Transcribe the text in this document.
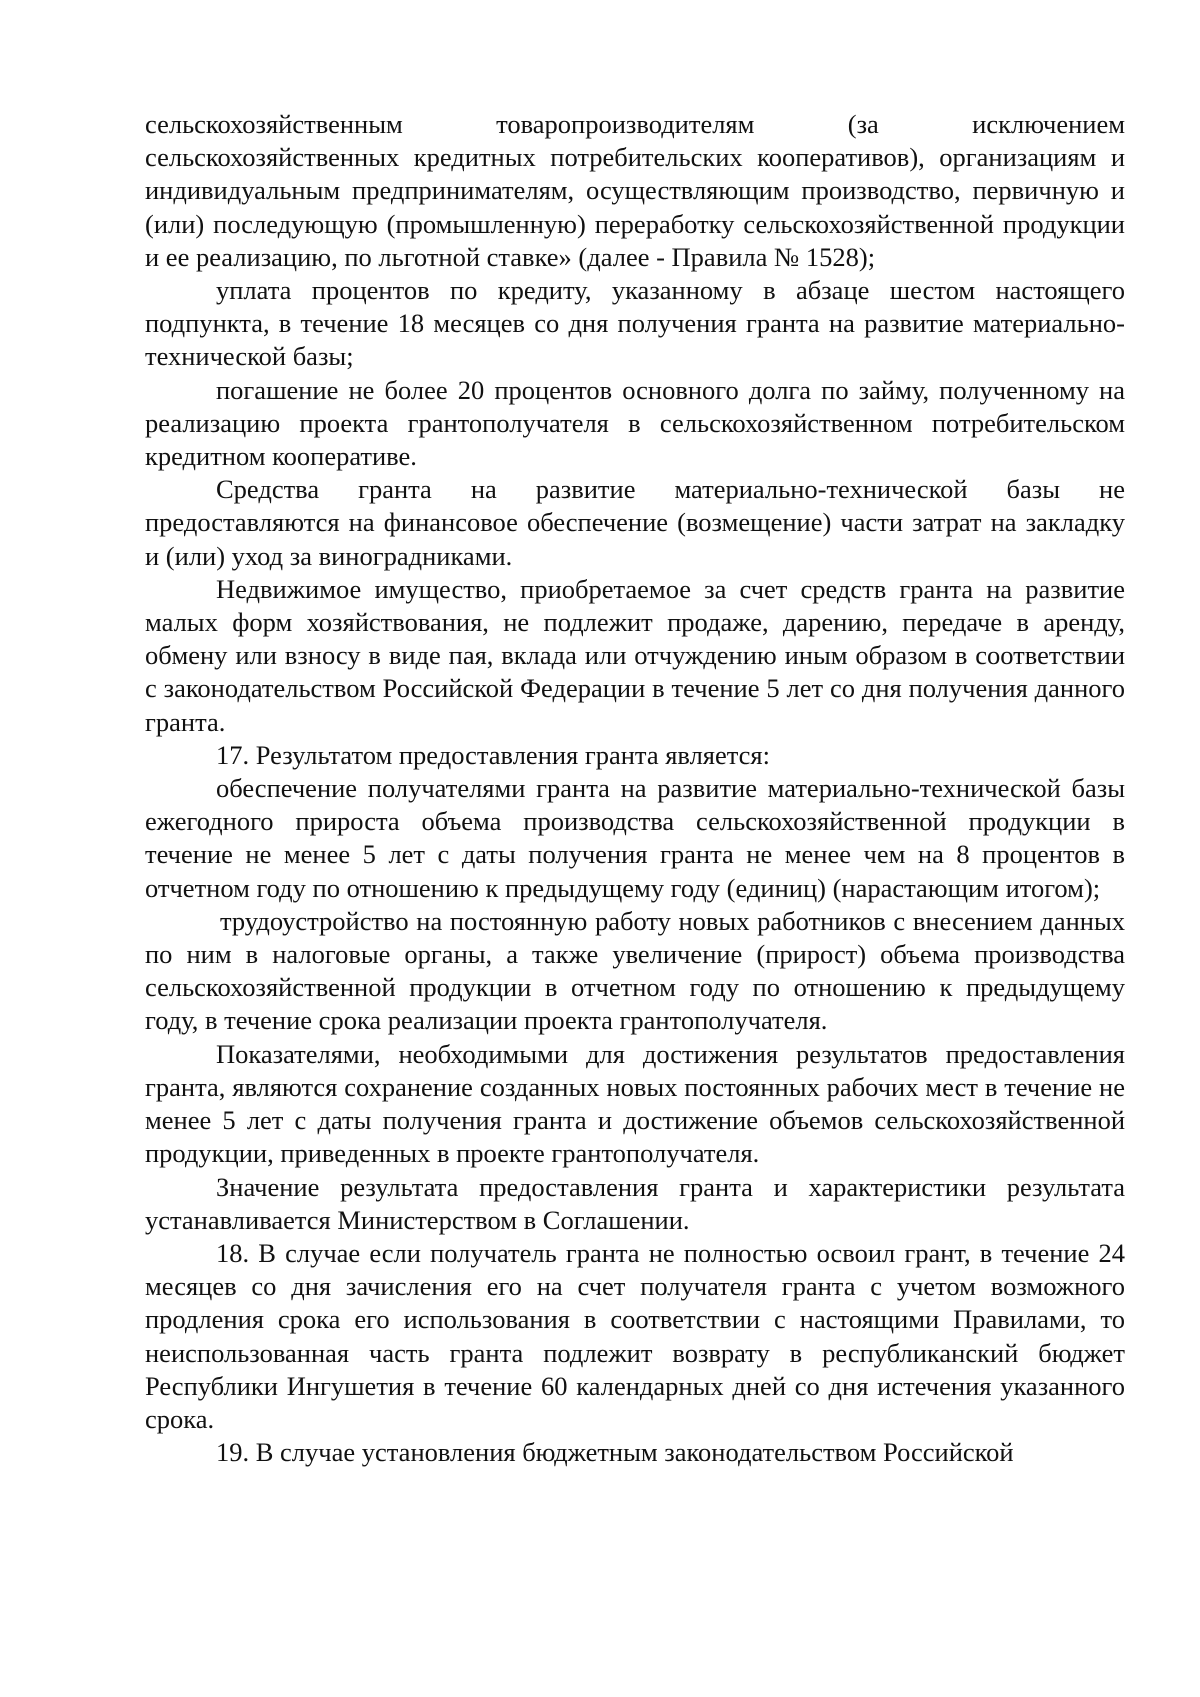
сельскохозяйственным товаропроизводителям (за исключением сельскохозяйственных кредитных потребительских кооперативов), организациям и индивидуальным предпринимателям, осуществляющим производство, первичную и (или) последующую (промышленную) переработку сельскохозяйственной продукции и ее реализацию, по льготной ставке» (далее - Правила № 1528);

уплата процентов по кредиту, указанному в абзаце шестом настоящего подпункта, в течение 18 месяцев со дня получения гранта на развитие материально-технической базы;

погашение не более 20 процентов основного долга по займу, полученному на реализацию проекта грантополучателя в сельскохозяйственном потребительском кредитном кооперативе.

Средства гранта на развитие материально-технической базы не предоставляются на финансовое обеспечение (возмещение) части затрат на закладку и (или) уход за виноградниками.

Недвижимое имущество, приобретаемое за счет средств гранта на развитие малых форм хозяйствования, не подлежит продаже, дарению, передаче в аренду, обмену или взносу в виде пая, вклада или отчуждению иным образом в соответствии с законодательством Российской Федерации в течение 5 лет со дня получения данного гранта.

17. Результатом предоставления гранта является:

обеспечение получателями гранта на развитие материально-технической базы ежегодного прироста объема производства сельскохозяйственной продукции в течение не менее 5 лет с даты получения гранта не менее чем на 8 процентов в отчетном году по отношению к предыдущему году (единиц) (нарастающим итогом);

трудоустройство на постоянную работу новых работников с внесением данных по ним в налоговые органы, а также увеличение (прирост) объема производства сельскохозяйственной продукции в отчетном году по отношению к предыдущему году, в течение срока реализации проекта грантополучателя.

Показателями, необходимыми для достижения результатов предоставления гранта, являются сохранение созданных новых постоянных рабочих мест в течение не менее 5 лет с даты получения гранта и достижение объемов сельскохозяйственной продукции, приведенных в проекте грантополучателя.

Значение результата предоставления гранта и характеристики результата устанавливается Министерством в Соглашении.

18. В случае если получатель гранта не полностью освоил грант, в течение 24 месяцев со дня зачисления его на счет получателя гранта с учетом возможного продления срока его использования в соответствии с настоящими Правилами, то неиспользованная часть гранта подлежит возврату в республиканский бюджет Республики Ингушетия в течение 60 календарных дней со дня истечения указанного срока.

19. В случае установления бюджетным законодательством Российской
